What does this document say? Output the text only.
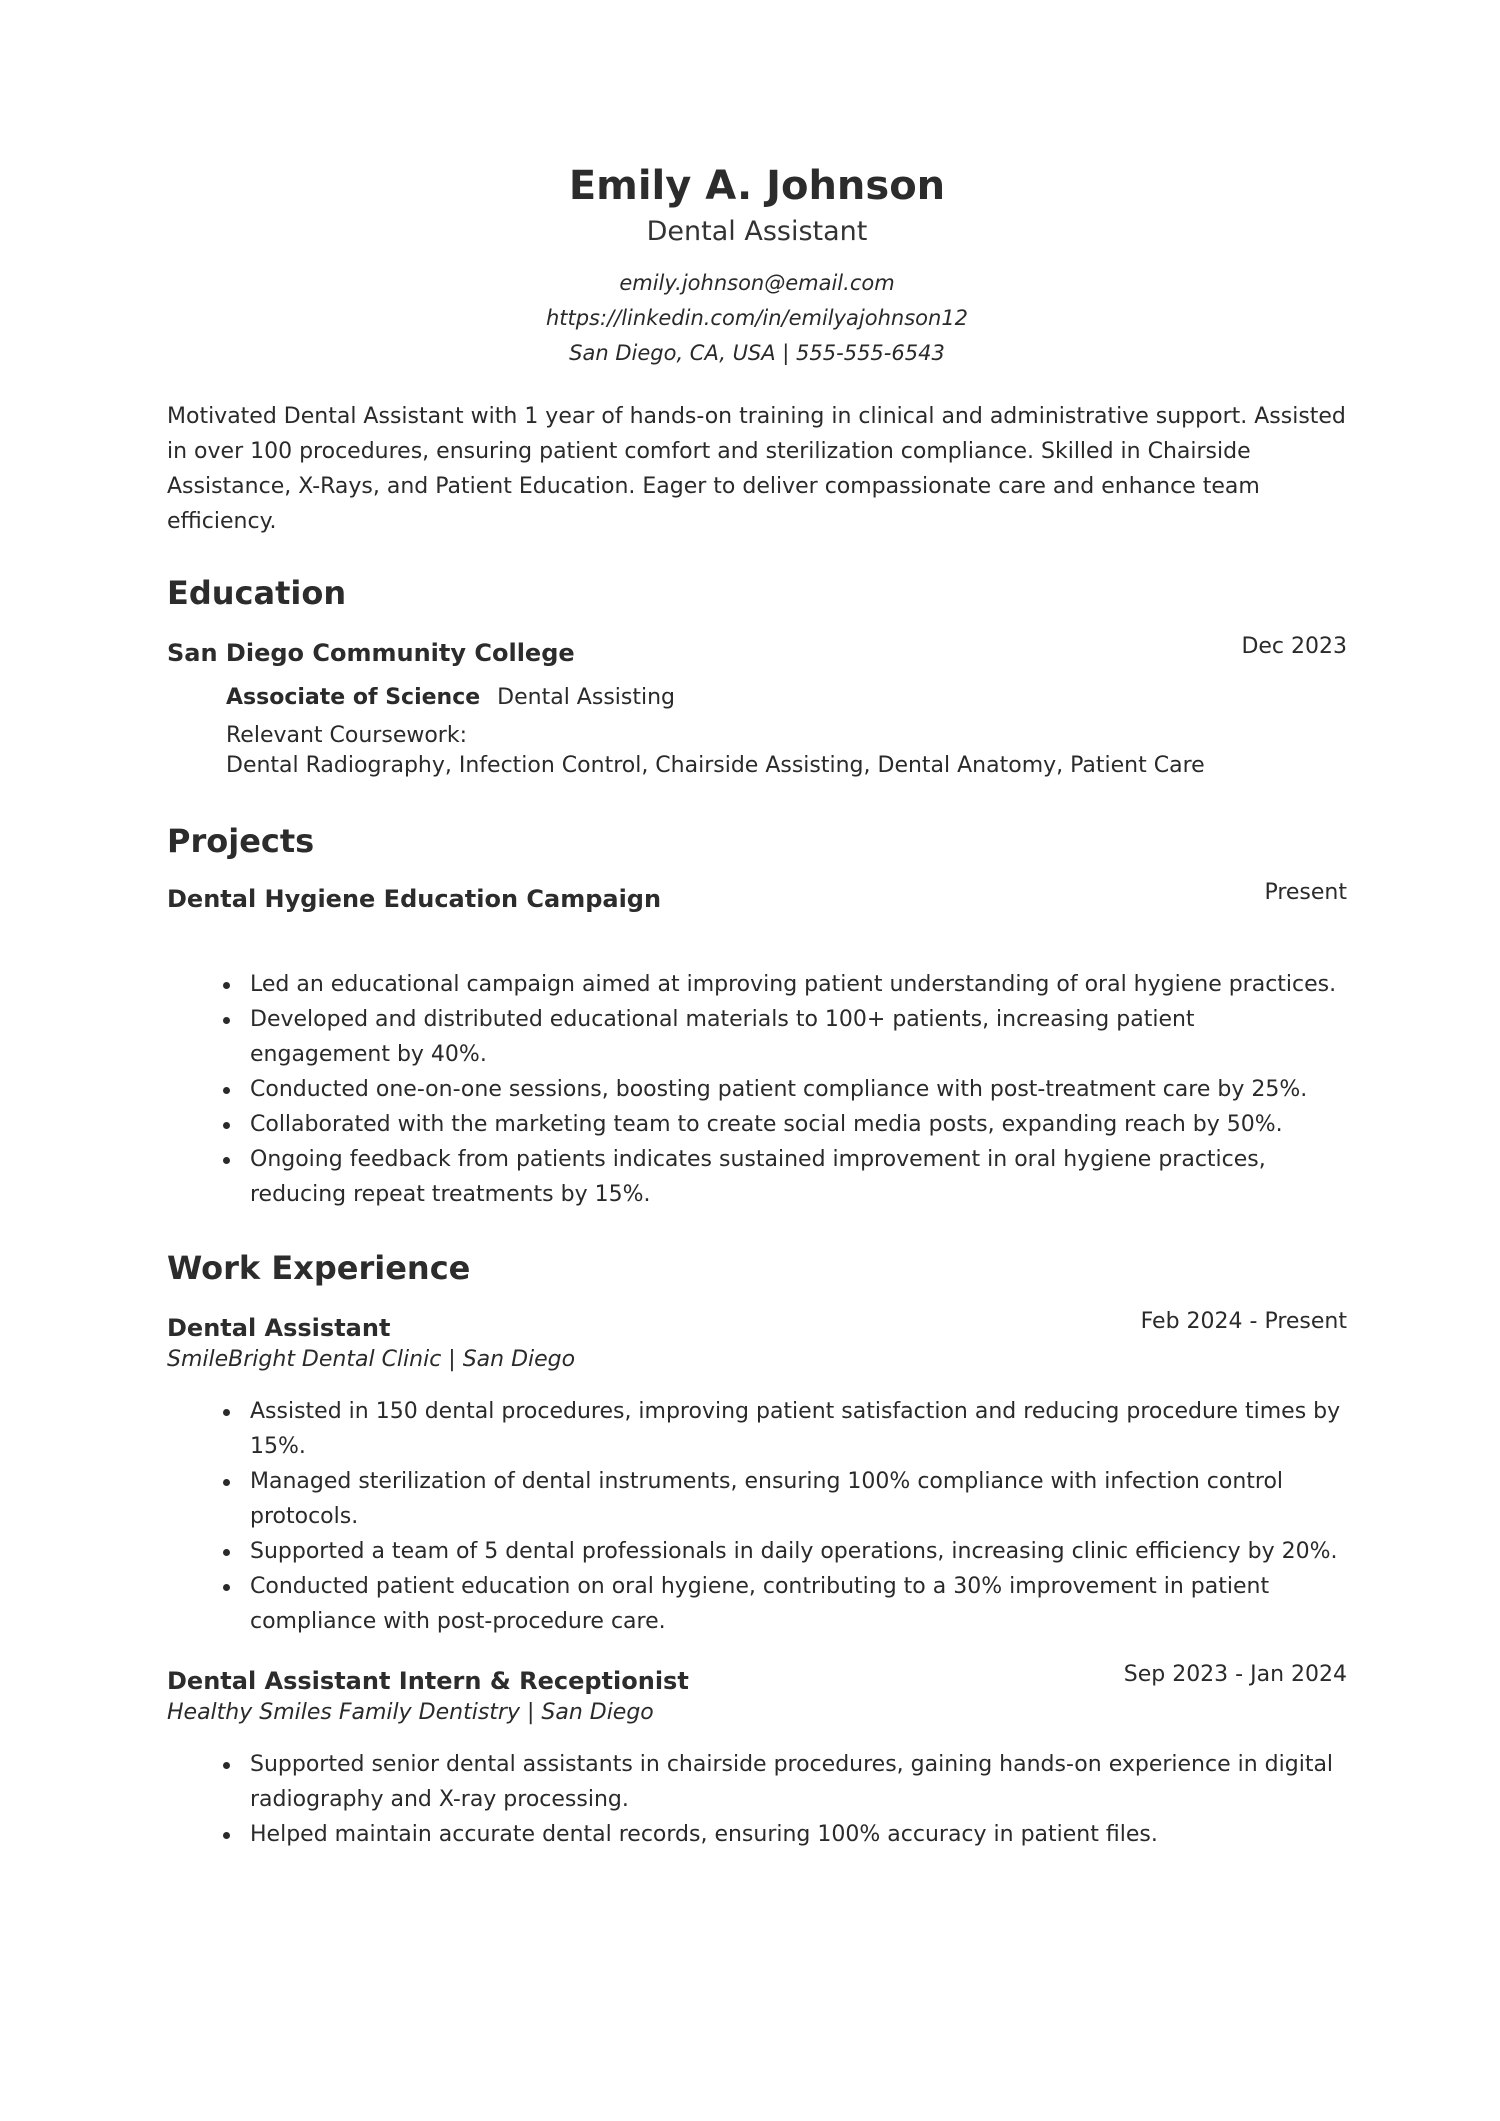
Emily A. Johnson
Dental Assistant
emily.johnson@email.com
https://linkedin.com/in/emilyajohnson12
San Diego, CA, USA | 555-555-6543
Motivated Dental Assistant with 1 year of hands-on training in clinical and administrative support. Assisted in over 100 procedures, ensuring patient comfort and sterilization compliance. Skilled in Chairside Assistance, X-Rays, and Patient Education. Eager to deliver compassionate care and enhance team efficiency.
Education
San Diego Community College	Dec 2023
Associate of Science Dental Assisting
Relevant Coursework:
Dental Radiography, Infection Control, Chairside Assisting, Dental Anatomy, Patient Care
Projects
Dental Hygiene Education Campaign	Present
Led an educational campaign aimed at improving patient understanding of oral hygiene practices.
Developed and distributed educational materials to 100+ patients, increasing patient engagement by 40%.
Conducted one-on-one sessions, boosting patient compliance with post-treatment care by 25%.
Collaborated with the marketing team to create social media posts, expanding reach by 50%.
Ongoing feedback from patients indicates sustained improvement in oral hygiene practices, reducing repeat treatments by 15%.
Work Experience
Dental Assistant	Feb 2024 - Present
SmileBright Dental Clinic | San Diego
Assisted in 150 dental procedures, improving patient satisfaction and reducing procedure times by 15%.
Managed sterilization of dental instruments, ensuring 100% compliance with infection control protocols.
Supported a team of 5 dental professionals in daily operations, increasing clinic efficiency by 20%.
Conducted patient education on oral hygiene, contributing to a 30% improvement in patient compliance with post-procedure care.
Dental Assistant Intern & Receptionist	Sep 2023 - Jan 2024
Healthy Smiles Family Dentistry | San Diego
Supported senior dental assistants in chairside procedures, gaining hands-on experience in digital radiography and X-ray processing.
Helped maintain accurate dental records, ensuring 100% accuracy in patient files.
